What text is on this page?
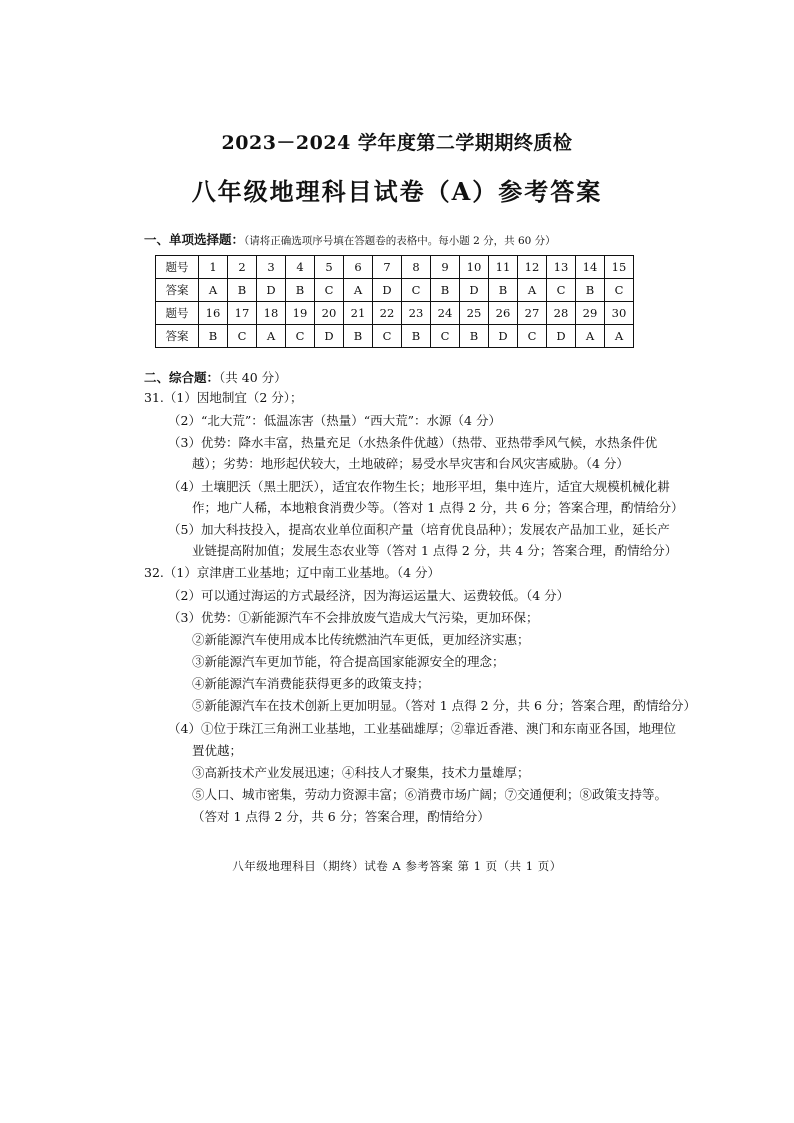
2023－2024 学年度第二学期期终质检
八年级地理科目试卷（A）参考答案
一、单项选择题：（请将正确选项序号填在答题卷的表格中。每小题 2 分，共 60 分）
题号	1	2	3	4	5	6	7	8	9	10	11	12	13	14	15
答案	A	B	D	B	C	A	D	C	B	D	B	A	C	B	C
题号	16	17	18	19	20	21	22	23	24	25	26	27	28	29	30
答案	B	C	A	C	D	B	C	B	C	B	D	C	D	A	A
二、综合题：（共 40 分）
31.（1）因地制宜（2 分）；
（2）“北大荒”：低温冻害（热量）“西大荒”：水源（4 分）
（3）优势：降水丰富，热量充足（水热条件优越）（热带、亚热带季风气候，水热条件优
越）；劣势：地形起伏较大，土地破碎；易受水旱灾害和台风灾害威胁。（4 分）
（4）土壤肥沃（黑土肥沃），适宜农作物生长；地形平坦，集中连片，适宜大规模机械化耕
作；地广人稀，本地粮食消费少等。（答对 1 点得 2 分，共 6 分；答案合理，酌情给分）
（5）加大科技投入，提高农业单位面积产量（培育优良品种）；发展农产品加工业，延长产
业链提高附加值；发展生态农业等（答对 1 点得 2 分，共 4 分；答案合理，酌情给分）
32.（1）京津唐工业基地；辽中南工业基地。（4 分）
（2）可以通过海运的方式最经济，因为海运运量大、运费较低。（4 分）
（3）优势：①新能源汽车不会排放废气造成大气污染，更加环保；
②新能源汽车使用成本比传统燃油汽车更低，更加经济实惠；
③新能源汽车更加节能，符合提高国家能源安全的理念；
④新能源汽车消费能获得更多的政策支持；
⑤新能源汽车在技术创新上更加明显。（答对 1 点得 2 分，共 6 分；答案合理，酌情给分）
（4）①位于珠江三角洲工业基地，工业基础雄厚；②靠近香港、澳门和东南亚各国，地理位
置优越；
③高新技术产业发展迅速；④科技人才聚集，技术力量雄厚；
⑤人口、城市密集，劳动力资源丰富；⑥消费市场广阔；⑦交通便利；⑧政策支持等。
（答对 1 点得 2 分，共 6 分；答案合理，酌情给分）
八年级地理科目（期终）试卷 A 参考答案 第 1 页（共 1 页）
